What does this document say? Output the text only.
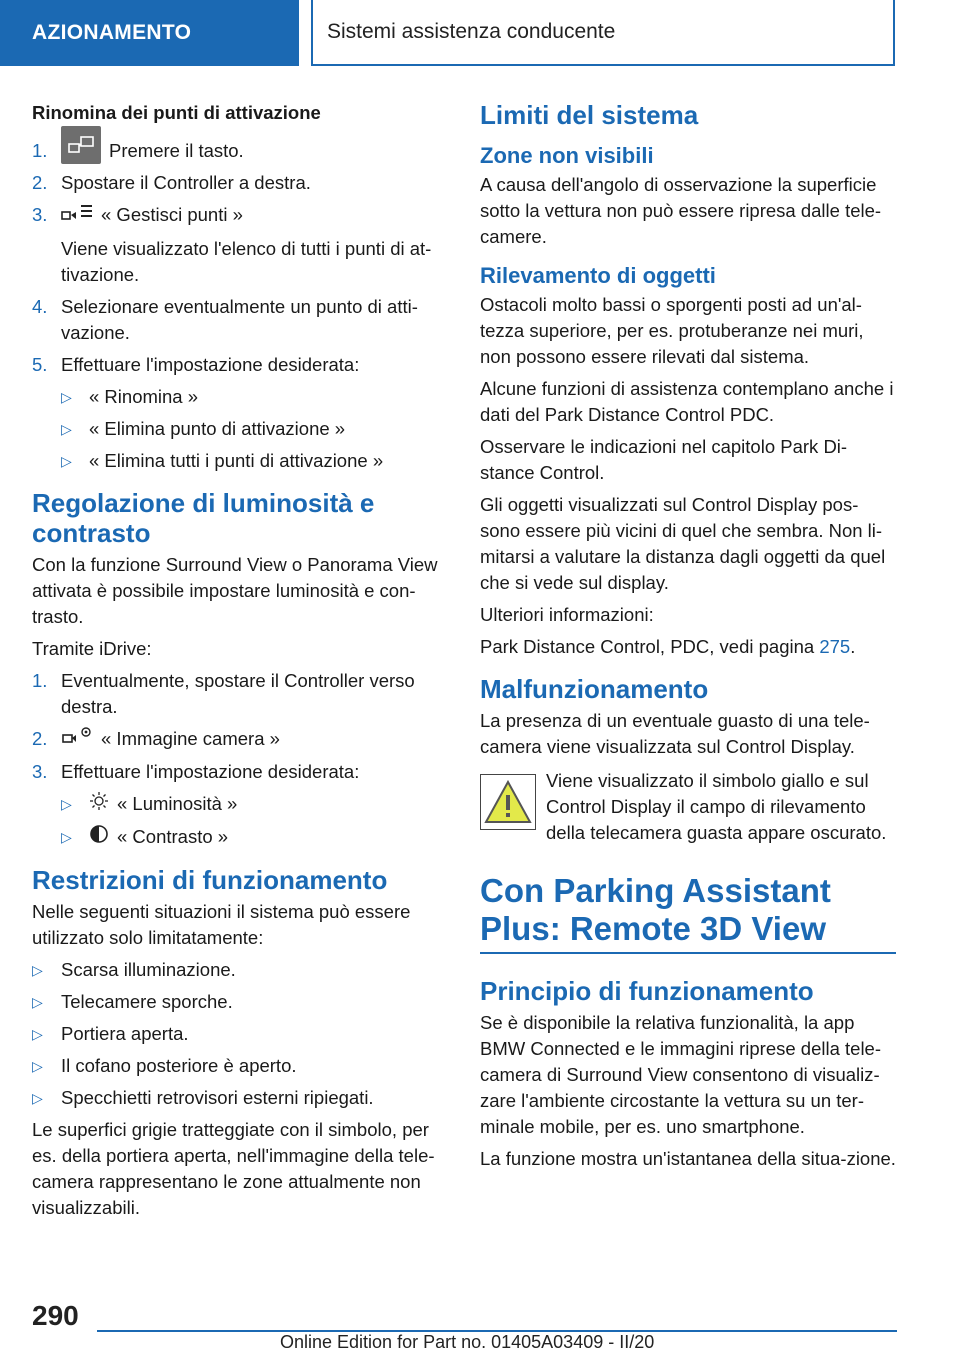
AZIONAMENTO	Sistemi assistenza conducente
Rinomina dei punti di attivazione
1.	Premere il tasto.
2. Spostare il Controller a destra.
3.	« Gestisci punti »
Viene visualizzato l'elenco di tutti i punti di at-tivazione.
4. Selezionare eventualmente un punto di atti-vazione.
5. Effettuare l'impostazione desiderata:
▷ « Rinomina »
▷ « Elimina punto di attivazione »
▷ « Elimina tutti i punti di attivazione »
Regolazione di luminosità e contrasto

Con la funzione Surround View o Panorama View attivata è possibile impostare luminosità e con-trasto.

Tramite iDrive:

1. Eventualmente, spostare il Controller verso destra.
2.	« Immagine camera »
3. Effettuare l'impostazione desiderata:
▷	« Luminosità »
▷	« Contrasto »
Restrizioni di funzionamento

Nelle seguenti situazioni il sistema può essere utilizzato solo limitatamente:

▷ Scarsa illuminazione.
▷ Telecamere sporche.
▷ Portiera aperta.
▷ Il cofano posteriore è aperto.
▷ Specchietti retrovisori esterni ripiegati.

Le superfici grigie tratteggiate con il simbolo, per es. della portiera aperta, nell'immagine della tele-camera rappresentano le zone attualmente non visualizzabili.

Limiti del sistema
Zone non visibili

A causa dell'angolo di osservazione la superficie sotto la vettura non può essere ripresa dalle tele-camere.

Rilevamento di oggetti

Ostacoli molto bassi o sporgenti posti ad un'al-tezza superiore, per es. protuberanze nei muri, non possono essere rilevati dal sistema.

Alcune funzioni di assistenza contemplano anche i dati del Park Distance Control PDC.

Osservare le indicazioni nel capitolo Park Di-stance Control.

Gli oggetti visualizzati sul Control Display pos-sono essere più vicini di quel che sembra. Non li-mitarsi a valutare la distanza dagli oggetti da quel che si vede sul display.

Ulteriori informazioni:

Park Distance Control, PDC, vedi pagina 275.

Malfunzionamento

La presenza di un eventuale guasto di una tele-camera viene visualizzata sul Control Display.

Viene visualizzato il simbolo giallo e sul Control Display il campo di rilevamento della telecamera guasta appare oscurato.
Con Parking Assistant Plus: Remote 3D View
Principio di funzionamento

Se è disponibile la relativa funzionalità, la app BMW Connected e le immagini riprese della tele-camera di Surround View consentono di visualiz-zare l'ambiente circostante la vettura su un ter-minale mobile, per es. uno smartphone.

La funzione mostra un'istantanea della situa-zione.

290
Online Edition for Part no. 01405A03409 - II/20
